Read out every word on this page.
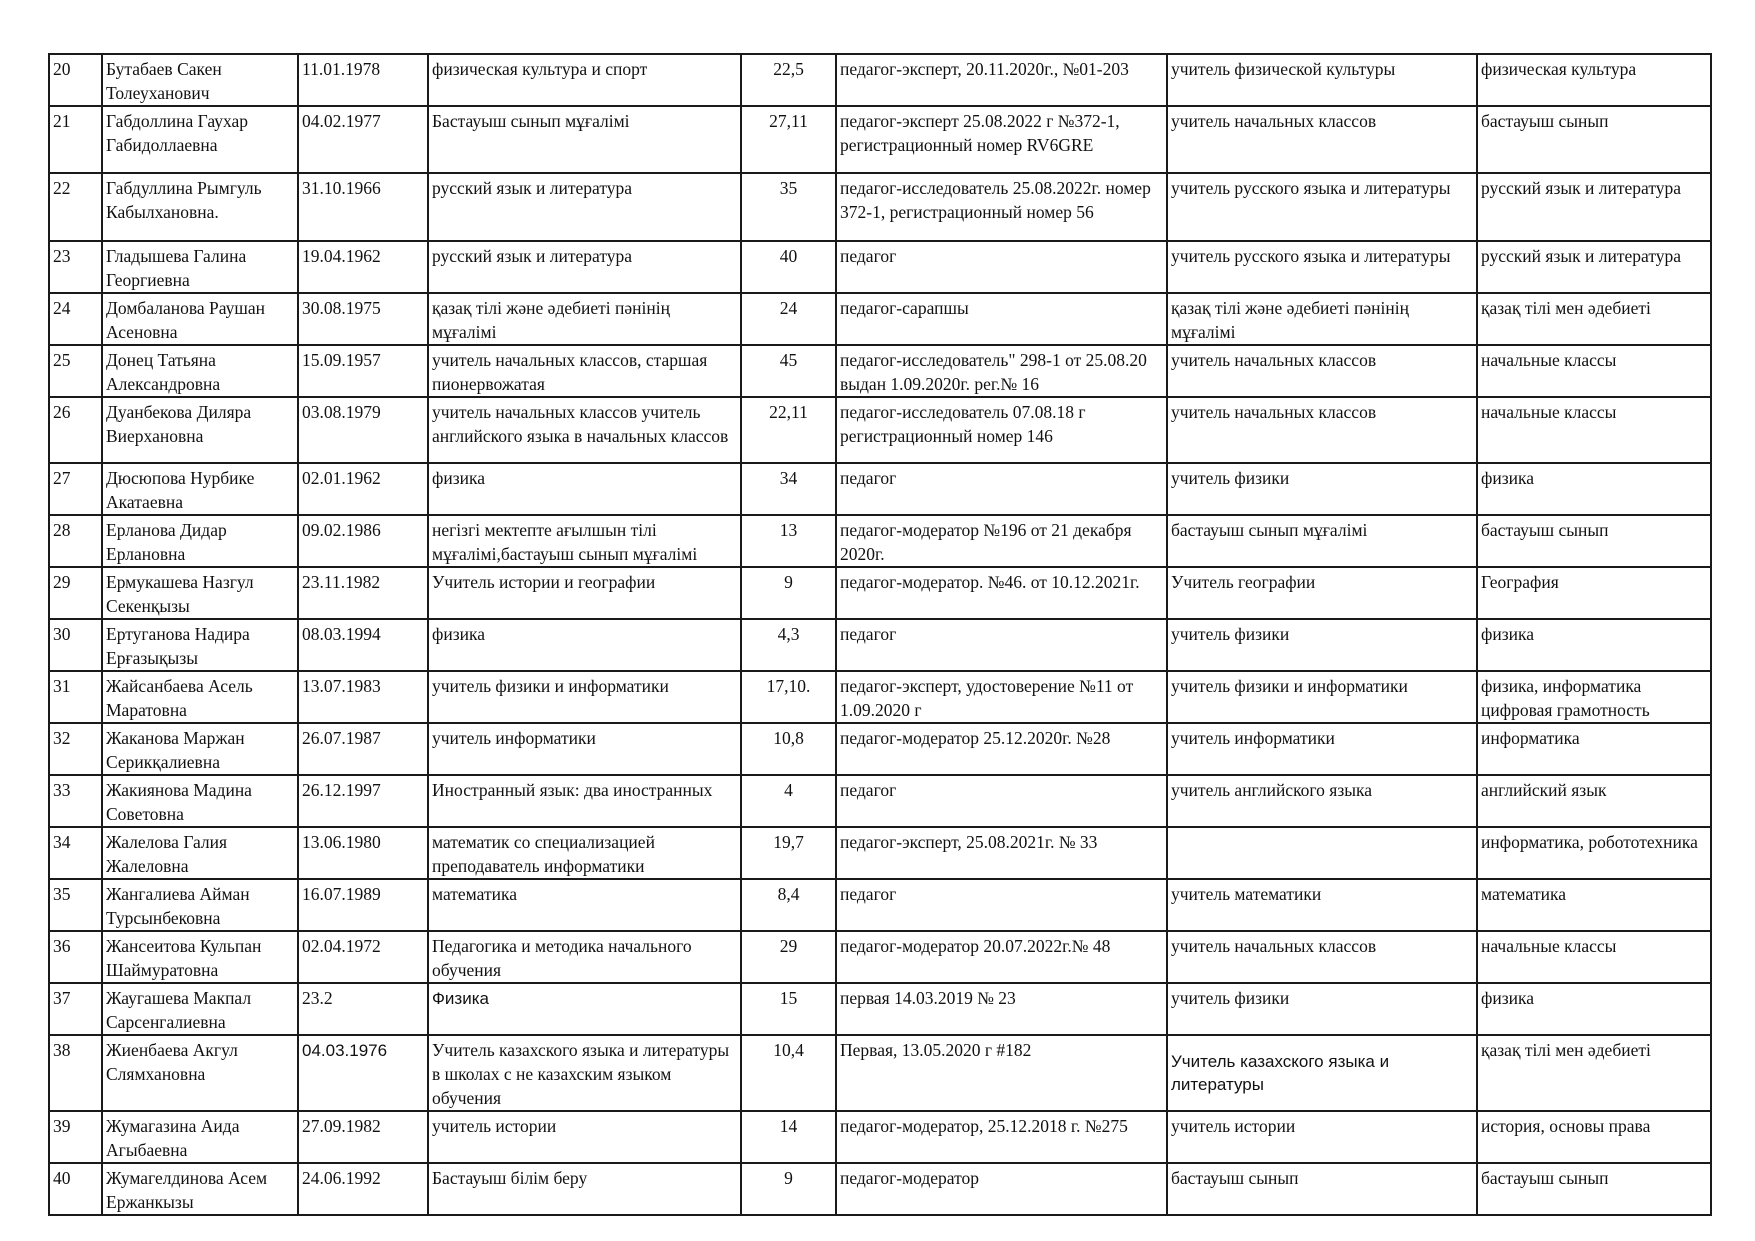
20	Бутабаев Сакен Толеуханович	11.01.1978	физическая культура и спорт	22,5	педагог-эксперт, 20.11.2020г., №01-203	учитель физической культуры	физическая культура
21	Габдоллина Гаухар Габидоллаевна	04.02.1977	Бастауыш сынып мұғалімі	27,11	педагог-эксперт 25.08.2022 г №372-1, регистрационный номер RV6GRE	учитель начальных классов	бастауыш сынып
22	Габдуллина Рымгуль Кабылхановна.	31.10.1966	русский язык и литература	35	педагог-исследователь 25.08.2022г. номер 372-1, регистрационный номер 56	учитель русского языка и литературы	русский язык и литература
23	Гладышева Галина Георгиевна	19.04.1962	русский язык и литература	40	педагог	учитель русского языка и литературы	русский язык и литература
24	Домбаланова Раушан Асеновна	30.08.1975	қазақ тілі және әдебиеті пәнінің мұғалімі	24	педагог-сарапшы	қазақ тілі және әдебиеті пәнінің мұғалімі	қазақ тілі мен әдебиеті
25	Донец Татьяна Александровна	15.09.1957	учитель начальных классов, старшая пионервожатая	45	педагог-исследователь" 298-1 от 25.08.20 выдан 1.09.2020г. рег.№ 16	учитель начальных классов	начальные классы
26	Дуанбекова Диляра Виерхановна	03.08.1979	учитель начальных классов учитель английского языка в начальных классов	22,11	педагог-исследователь 07.08.18 г регистрационный номер 146	учитель начальных классов	начальные классы
27	Дюсюпова Нурбике Акатаевна	02.01.1962	физика	34	педагог	учитель физики	физика
28	Ерланова Дидар Ерлановна	09.02.1986	негізгі мектепте ағылшын тілі мұғалімі,бастауыш сынып мұғалімі	13	педагог-модератор №196 от 21 декабря 2020г.	бастауыш сынып мұғалімі	бастауыш сынып
29	Ермукашева Назгул Секенқызы	23.11.1982	Учитель истории и географии	9	педагог-модератор. №46. от 10.12.2021г.	Учитель географии	География
30	Ертуганова Надира Ерғазықызы	08.03.1994	физика	4,3	педагог	учитель физики	физика
31	Жайсанбаева Асель Маратовна	13.07.1983	учитель физики и информатики	17,10.	педагог-эксперт, удостоверение №11 от 1.09.2020 г	учитель физики и информатики	физика, информатика цифровая грамотность
32	Жаканова Маржан Серикқалиевна	26.07.1987	учитель информатики	10,8	педагог-модератор 25.12.2020г. №28	учитель информатики	информатика
33	Жакиянова Мадина Советовна	26.12.1997	Иностранный язык: два иностранных	4	педагог	учитель английского языка	английский язык
34	Жалелова Галия Жалеловна	13.06.1980	математик со специализацией преподаватель информатики	19,7	педагог-эксперт, 25.08.2021г. № 33		информатика, робототехника
35	Жангалиева Айман Турсынбековна	16.07.1989	математика	8,4	педагог	учитель математики	математика
36	Жансеитова Кульпан Шаймуратовна	02.04.1972	Педагогика и методика начального обучения	29	педагог-модератор 20.07.2022г.№ 48	учитель начальных классов	начальные классы
37	Жаугашева Макпал Сарсенгалиевна	23.2	Физика	15	первая 14.03.2019 № 23	учитель физики	физика
38	Жиенбаева Акгул Слямхановна	04.03.1976	Учитель казахского языка и литературы в школах с не казахским языком обучения	10,4	Первая, 13.05.2020 г #182	Учитель казахского языка и литературы	қазақ тілі мен әдебиеті
39	Жумагазина Аида Агыбаевна	27.09.1982	учитель истории	14	педагог-модератор, 25.12.2018 г. №275	учитель истории	история, основы права
40	Жумагелдинова Асем Ержанкызы	24.06.1992	Бастауыш білім беру	9	педагог-модератор	бастауыш сынып	бастауыш сынып
